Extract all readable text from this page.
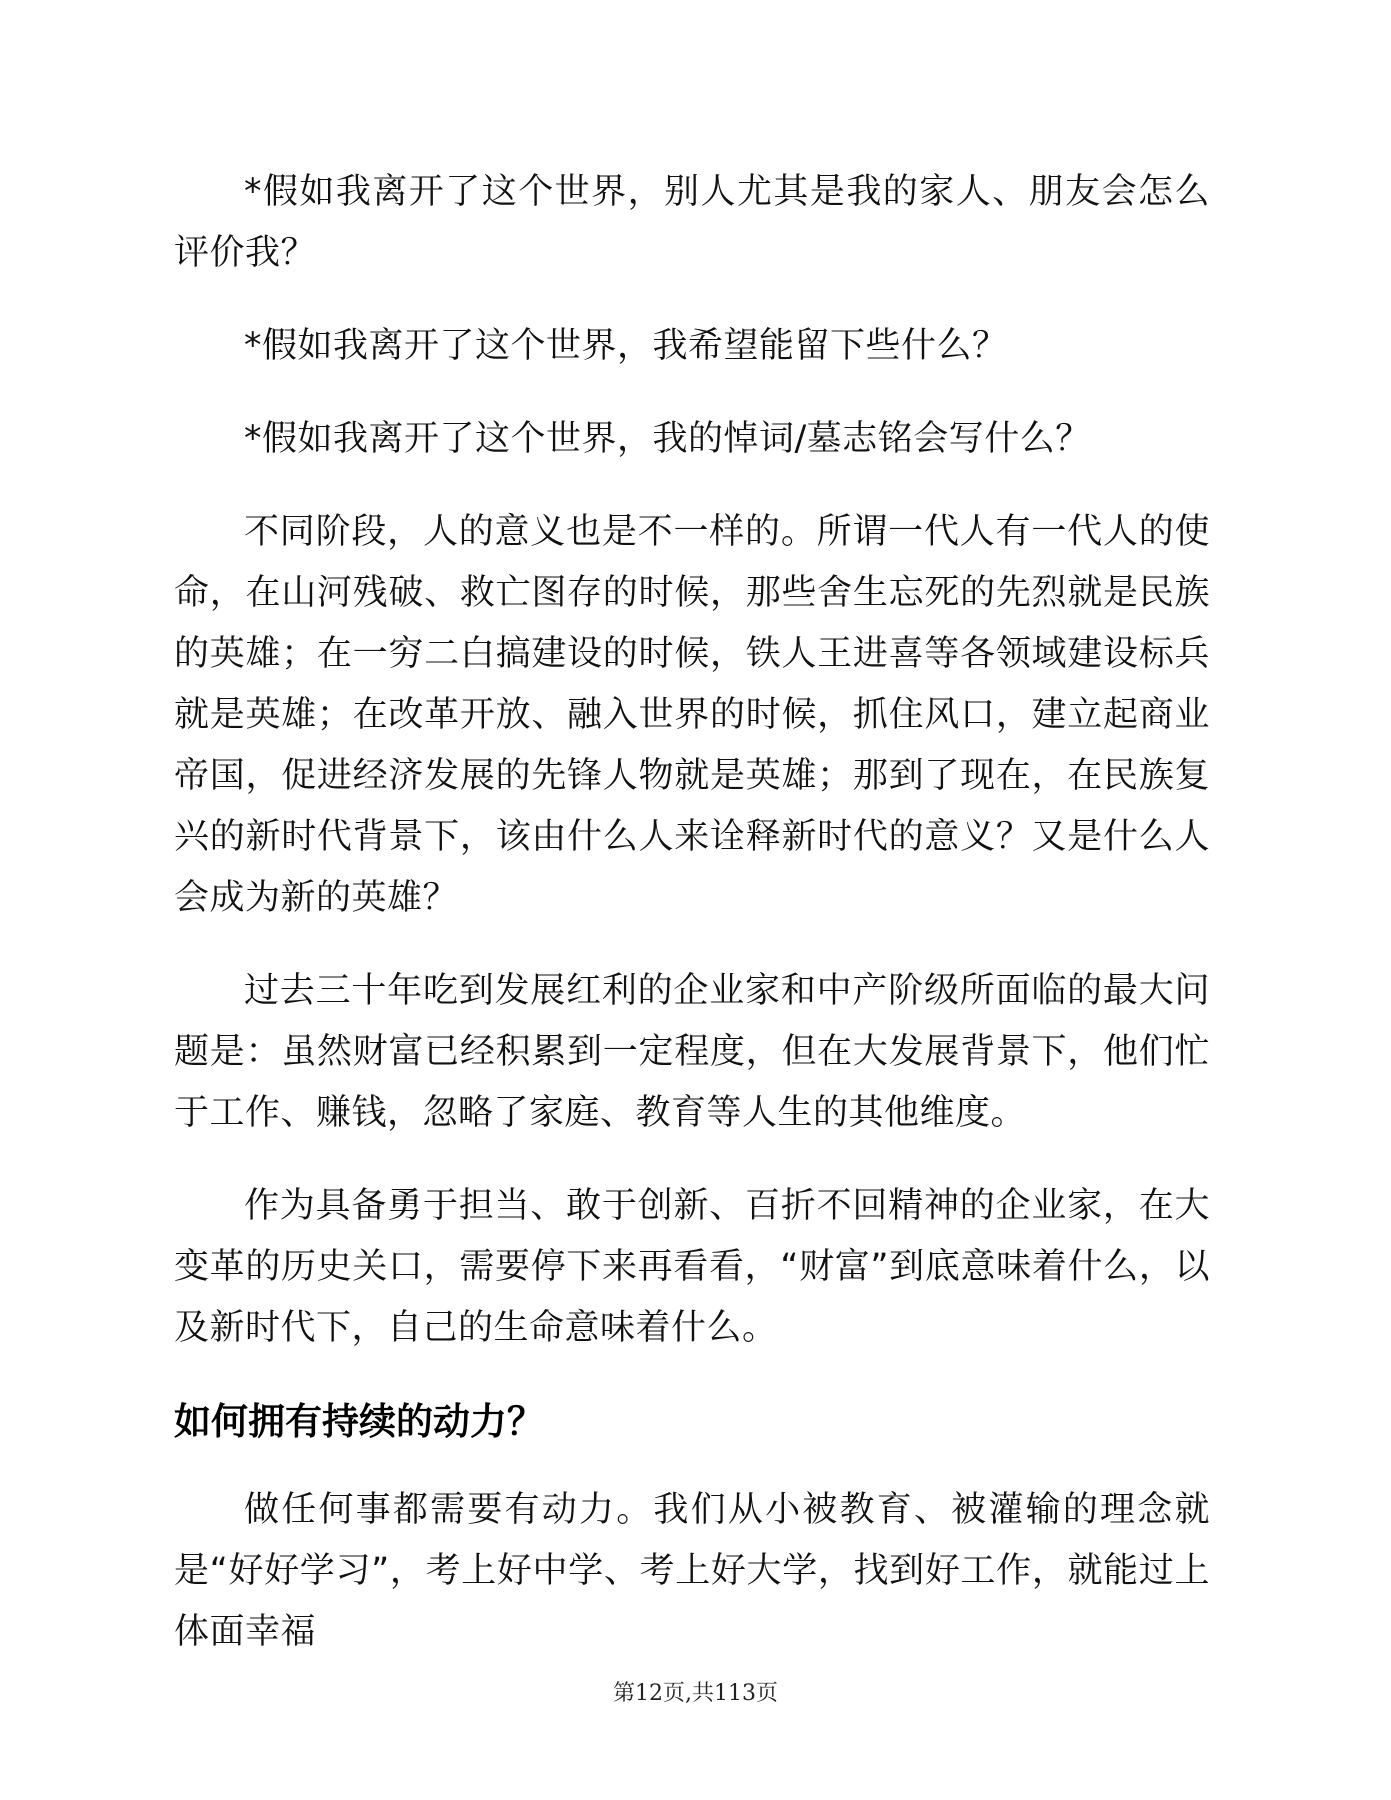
*假如我离开了这个世界，别人尤其是我的家人、朋友会怎么评价我？

*假如我离开了这个世界，我希望能留下些什么？

*假如我离开了这个世界，我的悼词/墓志铭会写什么？

不同阶段，人的意义也是不一样的。所谓一代人有一代人的使命，在山河残破、救亡图存的时候，那些舍生忘死的先烈就是民族的英雄；在一穷二白搞建设的时候，铁人王进喜等各领域建设标兵就是英雄；在改革开放、融入世界的时候，抓住风口，建立起商业帝国，促进经济发展的先锋人物就是英雄；那到了现在，在民族复兴的新时代背景下，该由什么人来诠释新时代的意义？又是什么人会成为新的英雄？

过去三十年吃到发展红利的企业家和中产阶级所面临的最大问题是：虽然财富已经积累到一定程度，但在大发展背景下，他们忙于工作、赚钱，忽略了家庭、教育等人生的其他维度。

作为具备勇于担当、敢于创新、百折不回精神的企业家，在大变革的历史关口，需要停下来再看看，“财富”到底意味着什么，以及新时代下，自己的生命意味着什么。

如何拥有持续的动力？

做任何事都需要有动力。我们从小被教育、被灌输的理念就是“好好学习”，考上好中学、考上好大学，找到好工作，就能过上体面幸福

第12页,共113页
